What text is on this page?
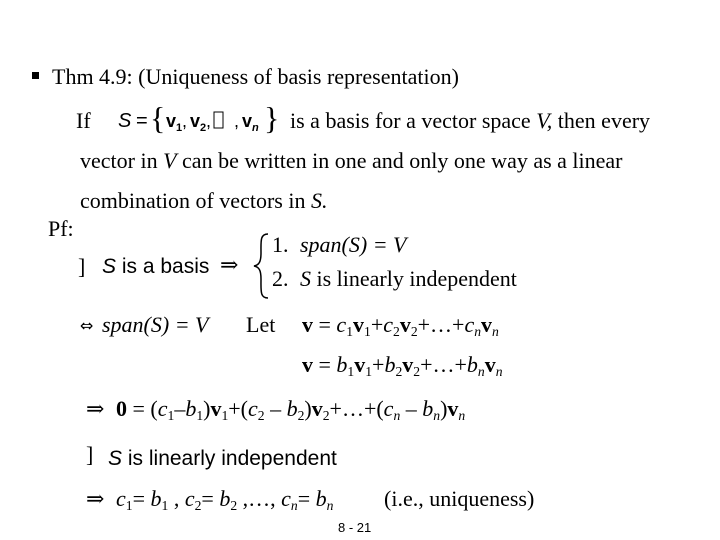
Thm 4.9: (Uniqueness of basis representation)
If S = { v 1 , v 2 , , v n } is a basis for a vector space V, then every
vector in V can be written in one and only one way as a linear
combination of vectors in S.
Pf:
] S is a basis ⇒
1. span(S) = V
2. S is linearly independent
⇔ span(S) = V Let $v = c_1v_1+c_2v_2+\dots+c_nv_n$
$v = b_1v_1+b_2v_2+\dots+b_nv_n$
⇒ $0 = (c_1-b_1)v_1+(c_2$ – $b_2)v_2+\dots+(c_n - b_n)v_n$
] S is linearly independent
⇒ $c_1= b_1$ , $c_2= b_2$ ,…, $c_n= b_n$ (i.e., uniqueness)
8 - 21
